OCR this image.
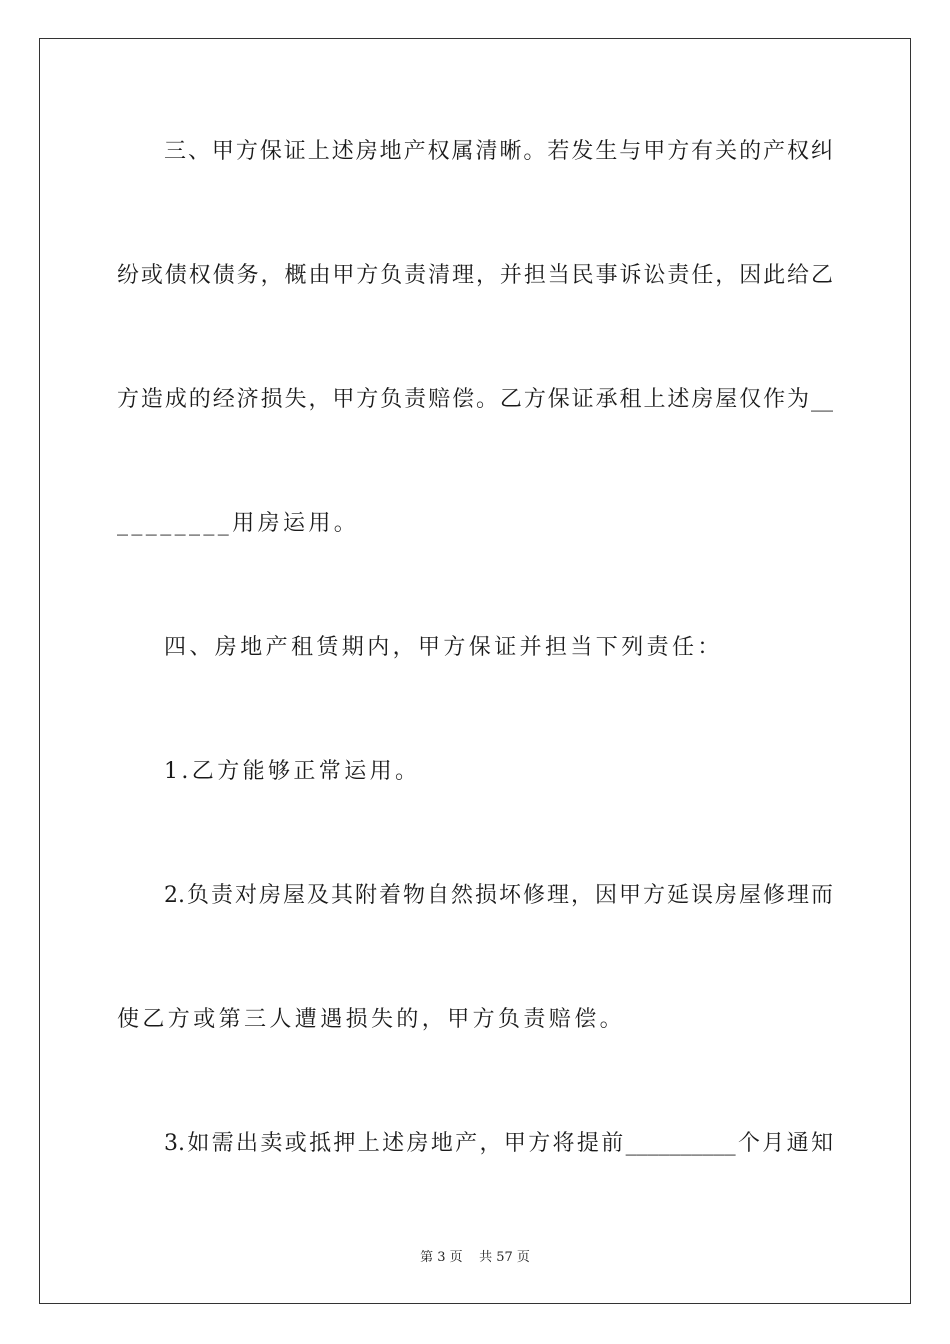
三、甲方保证上述房地产权属清晰。若发生与甲方有关的产权纠
纷或债权债务，概由甲方负责清理，并担当民事诉讼责任，因此给乙
方造成的经济损失，甲方负责赔偿。乙方保证承租上述房屋仅作为__
________用房运用。
四、房地产租赁期内，甲方保证并担当下列责任：
1.乙方能够正常运用。
2.负责对房屋及其附着物自然损坏修理，因甲方延误房屋修理而
使乙方或第三人遭遇损失的，甲方负责赔偿。
3.如需出卖或抵押上述房地产，甲方将提前__________个月通知
第 3 页    共 57 页
